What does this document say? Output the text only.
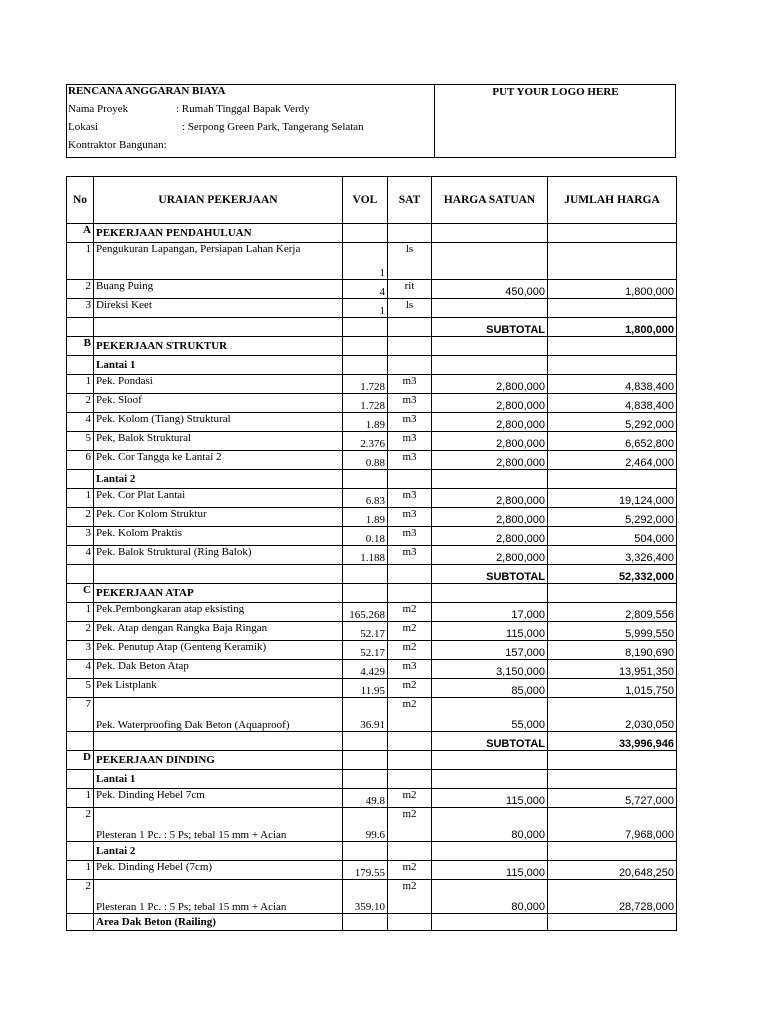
RENCANA ANGGARAN BIAYA
Nama Proyek	: Rumah Tinggal Bapak Verdy
Lokasi	: Serpong Green Park, Tangerang Selatan
Kontraktor Bangunan:
PUT YOUR LOGO HERE
No	URAIAN PEKERJAAN	VOL	SAT	HARGA SATUAN	JUMLAH HARGA
A	PEKERJAAN PENDAHULUAN				
1	Pengukuran Lapangan, Persiapan Lahan Kerja	1	ls		
2	Buang Puing	4	rit	450,000	1,800,000
3	Direksi Keet	1	ls		
				SUBTOTAL	1,800,000
B	PEKERJAAN STRUKTUR				
	Lantai 1				
1	Pek. Pondasi	1.728	m3	2,800,000	4,838,400
2	Pek. Sloof	1.728	m3	2,800,000	4,838,400
4	Pek. Kolom (Tiang) Struktural	1.89	m3	2,800,000	5,292,000
5	Pek, Balok Struktural	2.376	m3	2,800,000	6,652,800
6	Pek. Cor Tangga ke Lantai 2	0.88	m3	2,800,000	2,464,000
	Lantai 2				
1	Pek. Cor Plat Lantai	6.83	m3	2,800,000	19,124,000
2	Pek. Cor Kolom Struktur	1.89	m3	2,800,000	5,292,000
3	Pek. Kolom Praktis	0.18	m3	2,800,000	504,000
4	Pek. Balok Struktural (Ring Balok)	1.188	m3	2,800,000	3,326,400
				SUBTOTAL	52,332,000
C	PEKERJAAN ATAP				
1	Pek.Pembongkaran atap eksisting	165.268	m2	17,000	2,809,556
2	Pek. Atap dengan Rangka Baja Ringan	52.17	m2	115,000	5,999,550
3	Pek. Penutup Atap (Genteng Keramik)	52.17	m2	157,000	8,190,690
4	Pek. Dak Beton Atap	4.429	m3	3,150,000	13,951,350
5	Pek Listplank	11.95	m2	85,000	1,015,750
7	Pek. Waterproofing Dak Beton (Aquaproof)	36.91	m2	55,000	2,030,050
				SUBTOTAL	33,996,946
D	PEKERJAAN DINDING				
	Lantai 1				
1	Pek. Dinding Hebel 7cm	49.8	m2	115,000	5,727,000
2	Plesteran 1 Pc. : 5 Ps; tebal 15 mm + Acian	99.6	m2	80,000	7,968,000
	Lantai 2				
1	Pek. Dinding Hebel (7cm)	179.55	m2	115,000	20,648,250
2	Plesteran 1 Pc. : 5 Ps; tebal 15 mm + Acian	359.10	m2	80,000	28,728,000
	Area Dak Beton (Railing)				
